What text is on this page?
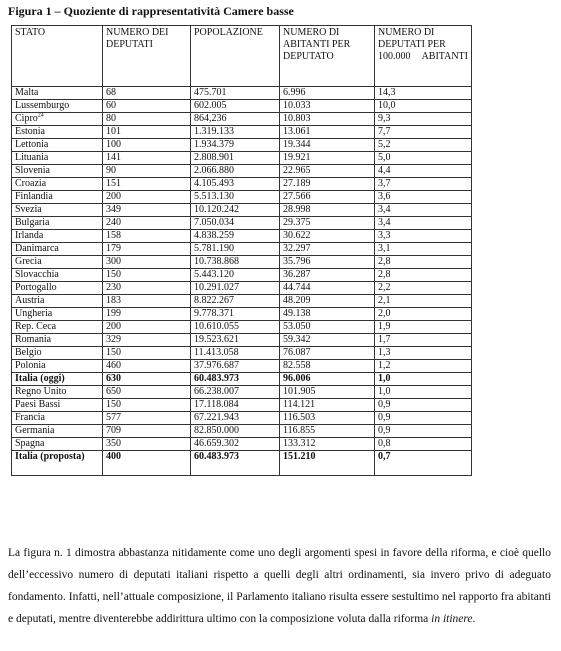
Figura 1 – Quoziente di rappresentatività Camere basse

STATO	NUMERO DEI DEPUTATI	POPOLAZIONE	NUMERO DI ABITANTI PER DEPUTATO	NUMERO DI DEPUTATI PER 100.000 ABITANTI

Malta	68	475.701	6.996	14,3
Lussemburgo	60	602.005	10.033	10,0
Cipro$^{24}$	80	864,236	10.803	9,3
Estonia	101	1.319.133	13.061	7,7
Lettonia	100	1.934.379	19.344	5,2
Lituania	141	2.808.901	19.921	5,0
Slovenia	90	2.066.880	22.965	4,4
Croazia	151	4.105.493	27.189	3,7
Finlandia	200	5.513.130	27.566	3,6
Svezia	349	10.120.242	28.998	3,4
Bulgaria	240	7.050.034	29.375	3,4
Irlanda	158	4.838.259	30.622	3,3
Danimarca	179	5.781.190	32.297	3,1
Grecia	300	10.738.868	35.796	2,8
Slovacchia	150	5.443.120	36.287	2,8
Portogallo	230	10.291.027	44.744	2,2
Austria	183	8.822.267	48.209	2,1
Ungheria	199	9.778.371	49.138	2,0
Rep. Ceca	200	10.610.055	53.050	1,9
Romania	329	19.523.621	59.342	1,7
Belgio	150	11.413.058	76.087	1,3
Polonia	460	37.976.687	82.558	1,2
Italia (oggi)	630	60.483.973	96.006	1,0
Regno Unito	650	66.238.007	101.905	1,0
Paesi Bassi	150	17.118.084	114.121	0,9
Francia	577	67.221.943	116.503	0,9
Germania	709	82.850.000	116.855	0,9
Spagna	350	46.659.302	133.312	0,8
Italia (proposta)	400	60.483.973	151.210	0,7

La figura n. 1 dimostra abbastanza nitidamente come uno degli argomenti spesi in favore della riforma, e cioè quello dell’eccessivo numero di deputati italiani rispetto a quelli degli altri ordinamenti, sia invero privo di adeguato fondamento. Infatti, nell’attuale composizione, il Parlamento italiano risulta essere sestultimo nel rapporto fra abitanti e deputati, mentre diventerebbe addirittura ultimo con la composizione voluta dalla riforma in itinere.
